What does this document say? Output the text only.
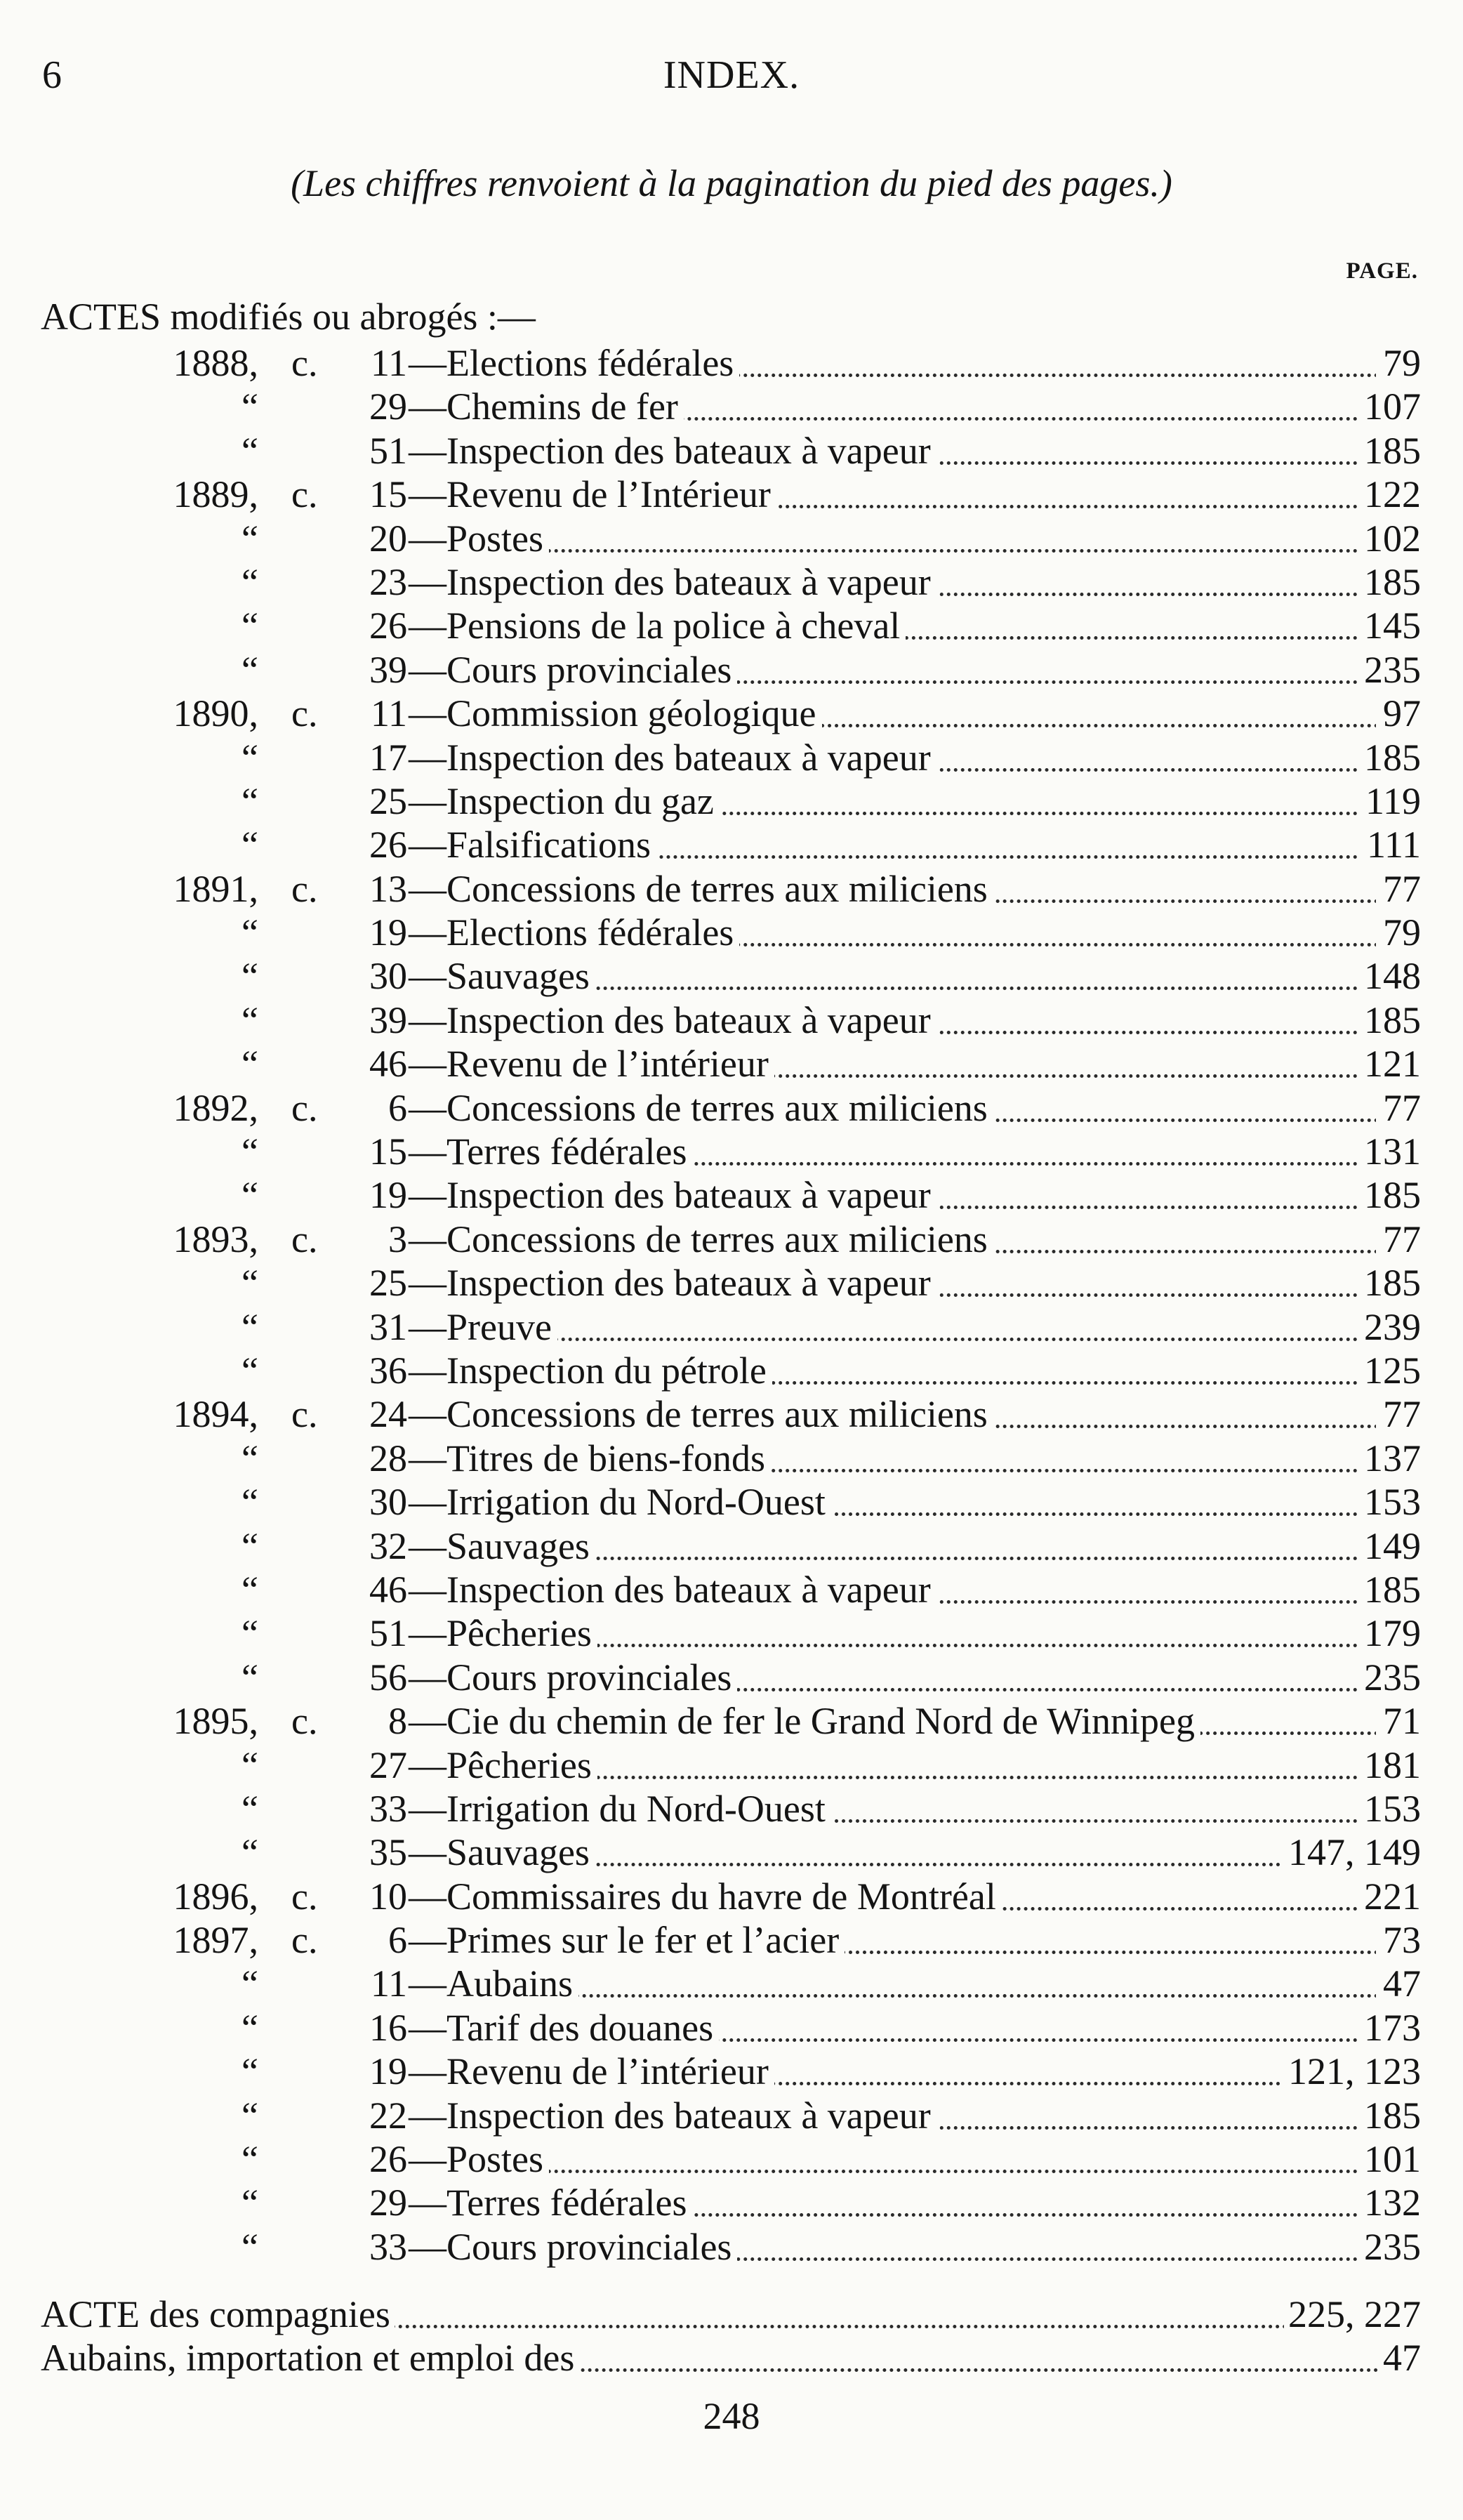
6	INDEX.
(Les chiffres renvoient à la pagination du pied des pages.)
PAGE.
ACTES modifiés ou abrogés :—
1888, c.	11 —Elections fédérales	79
“	29 —Chemins de fer	107
“	51 —Inspection des bateaux à vapeur	185
1889, c.	15 —Revenu de l’Intérieur	122
“	20 —Postes	102
“	23 —Inspection des bateaux à vapeur	185
“	26 —Pensions de la police à cheval	145
“	39 —Cours provinciales	235
1890, c.	11 —Commission géologique	97
“	17 —Inspection des bateaux à vapeur	185
“	25 —Inspection du gaz	119
“	26 —Falsifications	111
1891, c.	13 —Concessions de terres aux miliciens	77
“	19 —Elections fédérales	79
“	30 —Sauvages	148
“	39 —Inspection des bateaux à vapeur	185
“	46 —Revenu de l’intérieur	121
1892, c.	6 —Concessions de terres aux miliciens	77
“	15 —Terres fédérales	131
“	19 —Inspection des bateaux à vapeur	185
1893, c.	3 —Concessions de terres aux miliciens	77
“	25 —Inspection des bateaux à vapeur	185
“	31 —Preuve	239
“	36 —Inspection du pétrole	125
1894, c.	24 —Concessions de terres aux miliciens	77
“	28 —Titres de biens-fonds	137
“	30 —Irrigation du Nord-Ouest	153
“	32 —Sauvages	149
“	46 —Inspection des bateaux à vapeur	185
“	51 —Pêcheries	179
“	56 —Cours provinciales	235
1895, c.	8 —Cie du chemin de fer le Grand Nord de Winnipeg	71
“	27 —Pêcheries	181
“	33 —Irrigation du Nord-Ouest	153
“	35 —Sauvages	147, 149
1896, c.	10 —Commissaires du havre de Montréal	221
1897, c.	6 —Primes sur le fer et l’acier	73
“	11 —Aubains	47
“	16 —Tarif des douanes	173
“	19 —Revenu de l’intérieur	121, 123
“	22 —Inspection des bateaux à vapeur	185
“	26 —Postes	101
“	29 —Terres fédérales	132
“	33 —Cours provinciales	235
ACTE des compagnies	225, 227
Aubains, importation et emploi des	47
248
